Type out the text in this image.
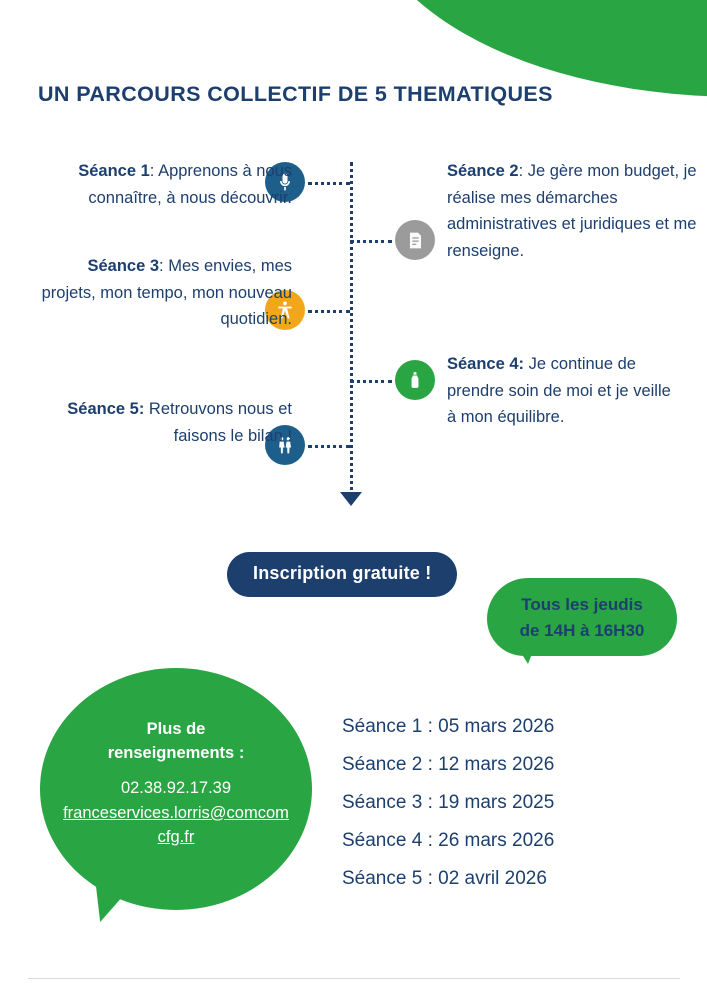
UN PARCOURS COLLECTIF DE 5 THEMATIQUES
Séance 1: Apprenons à nous connaître, à nous découvrir.
Séance 2: Je gère mon budget, je réalise mes démarches administratives et juridiques et me renseigne.
Séance 3: Mes envies, mes projets, mon tempo, mon nouveau quotidien.
Séance 4: Je continue de prendre soin de moi et je veille à mon équilibre.
Séance 5: Retrouvons nous et faisons le bilan !
Inscription gratuite !
Tous les jeudis
de 14H à 16H30
Plus de
renseignements :
02.38.92.17.39
franceservices.lorris@comcomcfg.fr
Séance 1 : 05 mars 2026
Séance 2 : 12 mars 2026
Séance 3 : 19 mars 2025
Séance 4 : 26 mars 2026
Séance 5 : 02 avril 2026
